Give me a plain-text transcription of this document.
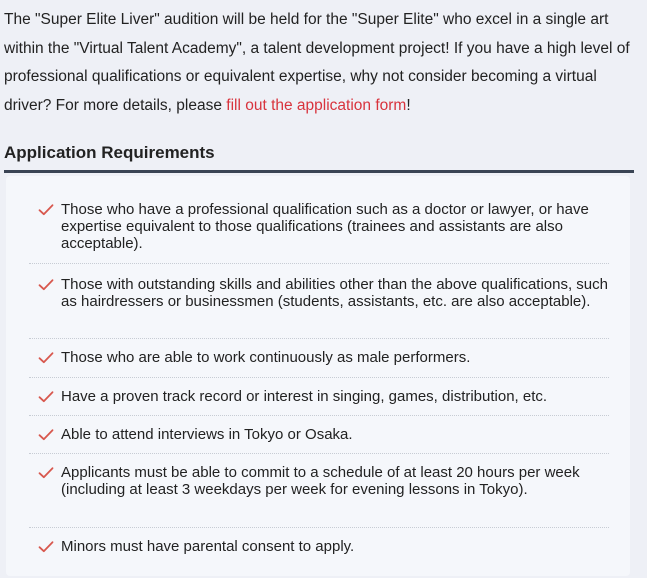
The "Super Elite Liver" audition will be held for the "Super Elite" who excel in a single art within the "Virtual Talent Academy", a talent development project! If you have a high level of professional qualifications or equivalent expertise, why not consider becoming a virtual driver? For more details, please fill out the application form!

Application Requirements
Those who have a professional qualification such as a doctor or lawyer, or have expertise equivalent to those qualifications (trainees and assistants are also acceptable).
Those with outstanding skills and abilities other than the above qualifications, such as hairdressers or businessmen (students, assistants, etc. are also acceptable).
Those who are able to work continuously as male performers.
Have a proven track record or interest in singing, games, distribution, etc.
Able to attend interviews in Tokyo or Osaka.
Applicants must be able to commit to a schedule of at least 20 hours per week (including at least 3 weekdays per week for evening lessons in Tokyo).
Minors must have parental consent to apply.
